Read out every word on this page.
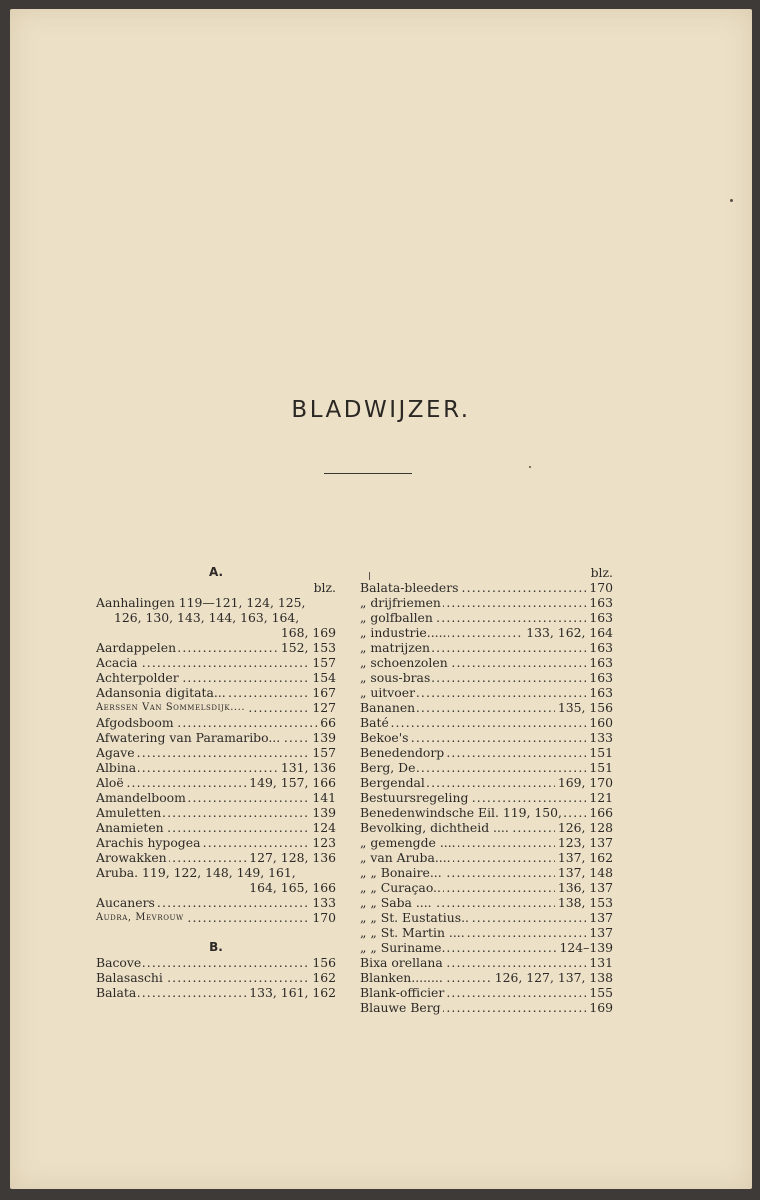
BLADWIJZER.
A.
blz.
Aanhalingen 119—121, 124, 125,
126, 130, 143, 144, 163, 164,
168, 169
. . .
Aardappelen	152, 153
. . .
Acacia	157
. . .
Achterpolder	154
. . .
Adansonia digitata...	167
. . .
Aerssen Van Sommelsdijk....	127
. . .
Afgodsboom	66
. . .
Afwatering van Paramaribo...	139
. . .
Agave	157
. . .
Albina	131, 136
. . .
Aloë	149, 157, 166
. . .
Amandelboom	141
. . .
Amuletten	139
. . .
Anamieten	124
. . .
Arachis hypogea	123
. . .
Arowakken	127, 128, 136
Aruba. 119, 122, 148, 149, 161,
164, 165, 166
. . .
Aucaners	133
. . .
Audra, Mevrouw	170
B.
. . .
Bacove	156
. . .
Balasaschi	162
. . .
Balata	133, 161, 162
blz.
. . .
Balata-bleeders	170
. . .
„ drijfriemen	163
. . .
„ golfballen	163
. . .
„ industrie.....	133, 162, 164
. . .
„ matrijzen	163
. . .
„ schoenzolen	163
. . .
„ sous-bras	163
. . .
„ uitvoer	163
. . .
Bananen	135, 156
. . .
Baté	160
. . .
Bekoe's	133
. . .
Benedendorp	151
. . .
Berg, De	151
. . .
Bergendal	169, 170
. . .
Bestuursregeling	121
. . .
Benedenwindsche Eil. 119, 150, 166
. . .
Bevolking, dichtheid ....	126, 128
. . .
„ gemengde ....	123, 137
. . .
„ van Aruba....	137, 162
. . .
„ „ Bonaire...	137, 148
. . .
„ „ Curaçao..	136, 137
. . .
„ „ Saba ....	138, 153
. . .
„ „ St. Eustatius..	137
. . .
„ „ St. Martin ....	137
. . .
„ „ Suriname.	124–139
. . .
Bixa orellana	131
. . .
Blanken........	126, 127, 137, 138
. . .
Blank-officier	155
. . .
Blauwe Berg	169
